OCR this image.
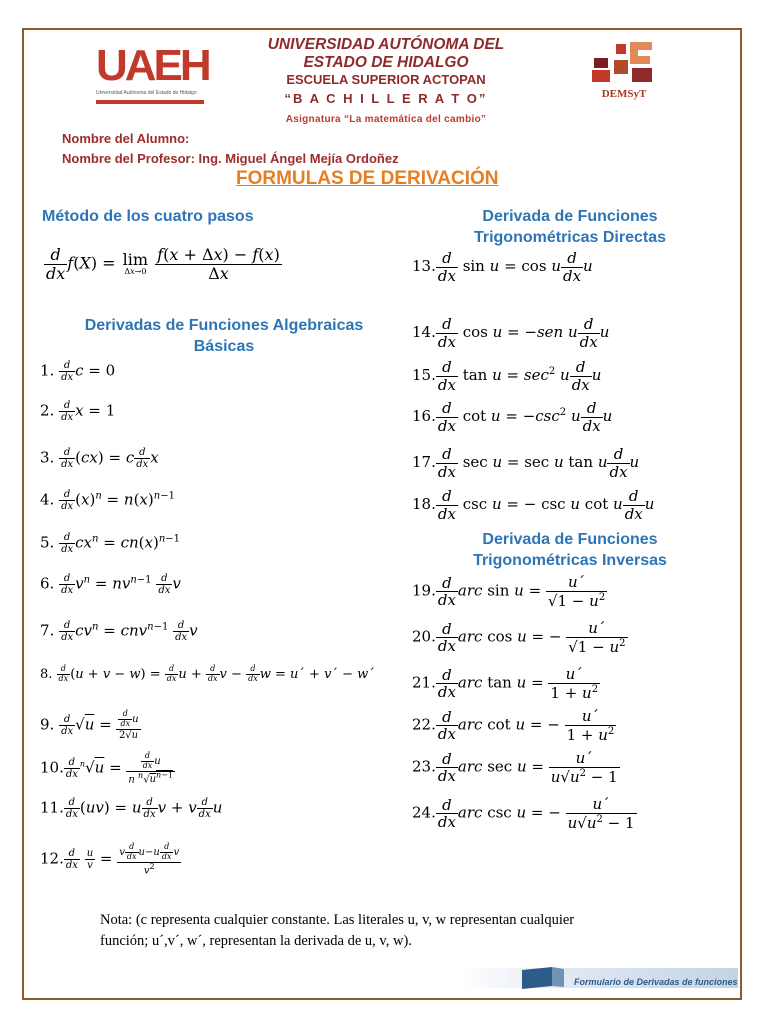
UAEH
Universidad Autónoma del Estado de Hidalgo
UNIVERSIDAD AUTÓNOMA DEL
ESTADO DE HIDALGO
ESCUELA SUPERIOR ACTOPAN
“B A C H I L L E R A T O”	DEMSyT
Asignatura “La matemática del cambio”
Nombre del Alumno:
Nombre del Profesor: Ing. Miguel Ángel Mejía Ordoñez
FORMULAS DE DERIVACIÓN
Método de los cuatro pasos
Derivadas de Funciones Algebraicas
Básicas
Derivada de Funciones
Trigonométricas Directas
Derivada de Funciones
Trigonométricas Inversas
$\frac{d}{dx} f(X) = \lim$
Δx→0
$\frac{f(x + \Delta x) - f(x)}{\Delta x}$
1. $\frac{d}{dx}$ c = 0
2. $\frac{d}{dx}$ x = 1
3. $\frac{d}{dx} (cx) = c \frac{d}{dx}$ x
4. $\frac{d}{dx} (x)^n = n(x)^{n-1}$
5. $\frac{d}{dx} cx^n = cn(x)^{n-1}$
6. $\frac{d}{dx} v^n = nv^{n-1} \frac{d}{dx}$ v
7. $\frac{d}{dx} cv^n = cnv^{n-1} \frac{d}{dx}$ v
8. $\frac{d}{dx} (u + v - w) = \frac{d}{dx}$ $u + \frac{d}{dx}$ $v - \frac{d}{dx}$ w = u´ + v´ − w´
9. $\frac{d}{dx} √u = \frac{\frac{d}{dx} u}{2√u}$
10. $\frac{d}{dx} ^n√u = \frac{\frac{d}{dx} u}{n ^n√u^{n-1}}$
11. $\frac{d}{dx} (uv) = u \frac{d}{dx}$ v + v $\frac{d}{dx}$ u
12. $\frac{d}{dx}$
$\frac{u}{v} = \frac{v \frac{d}{dx} u-u \frac{d}{dx} v}{v^2}$
13. $\frac{d}{dx}$ sin u = cos u $\frac{d}{dx}$ u
14. $\frac{d}{dx}$ cos u = −sen u $\frac{d}{dx}$ u
15. $\frac{d}{dx}$ $\tan u = \sec^2 u \frac{d}{dx}$ u
16. $\frac{d}{dx}$ $\cot u = -\csc^2$ u $\frac{d}{dx}$ u
17. $\frac{d}{dx}$ sec u = sec u tan u $\frac{d}{dx}$ u
18. $\frac{d}{dx}$ csc u = − csc u cot u $\frac{d}{dx}$ u
19. $\frac{d}{dx}$ arc $\sin u = \frac{u´}{√1 - u^2}$
20. $\frac{d}{dx}$ arc cos u = − $\frac{u´}{√1 - u^2}$
21. $\frac{d}{dx}$ arc $\tan u = \frac{u´}{1 + u^2}$
22. $\frac{d}{dx}$ arc cot u = − $\frac{u´}{1 + u^2}$
23. $\frac{d}{dx}$ arc $\sec u = \frac{u´}{u√u^2 - 1}$
24. $\frac{d}{dx}$ arc csc u = − $\frac{u´}{u√u^2 - 1}$
Nota: (c representa cualquier constante. Las literales u, v, w representan cualquier
función; u´,v´, w´, representan la derivada de u, v, w).
Formulario de Derivadas de funciones
